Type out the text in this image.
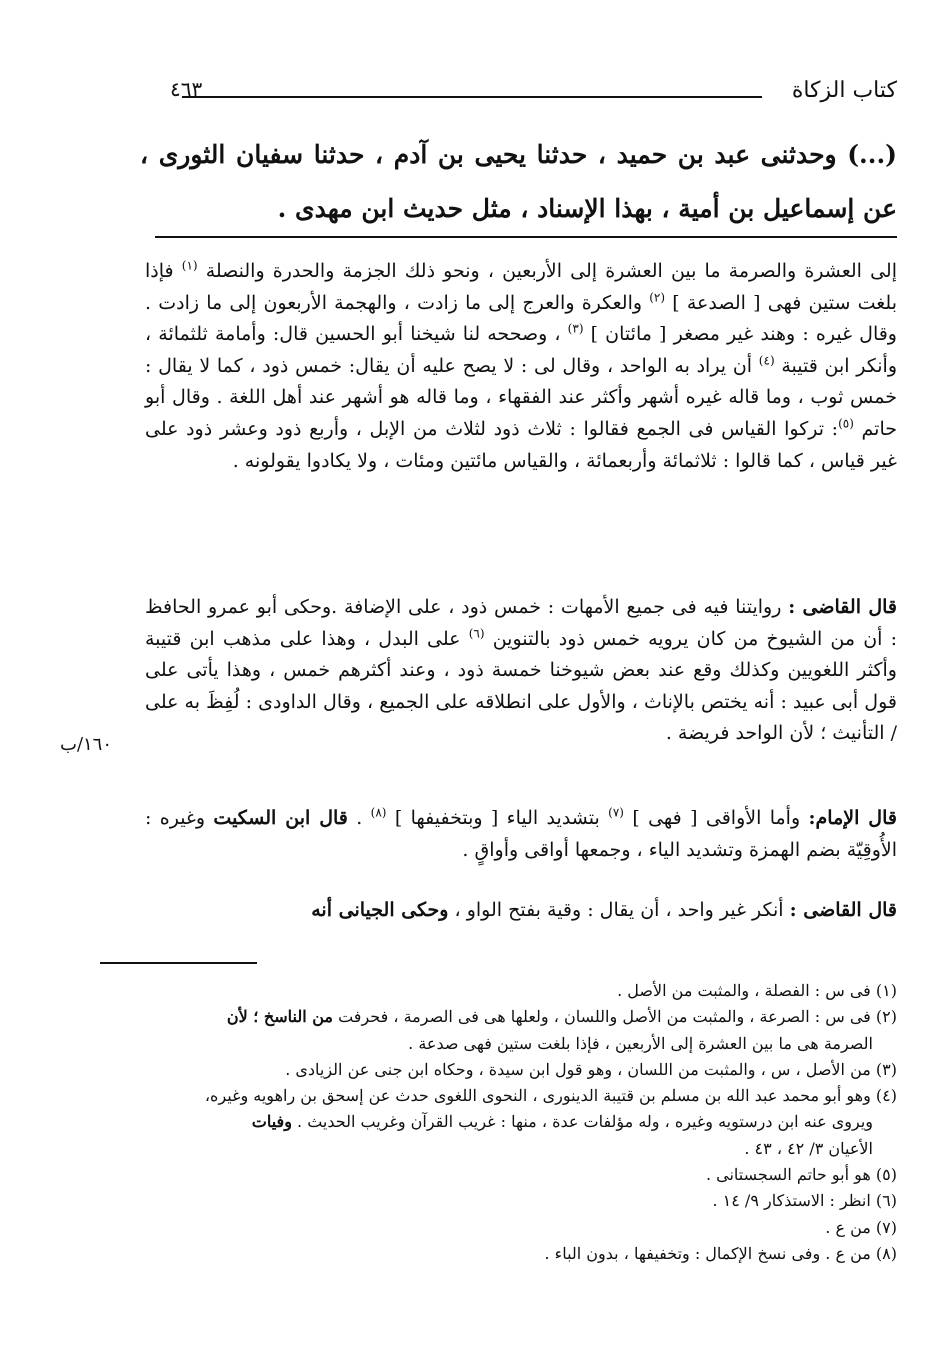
كتاب الزكاة
٤٦٣
(...) وحدثنى عبد بن حميد ، حدثنا يحيى بن آدم ، حدثنا سفيان الثورى ، عن إسماعيل بن أمية ، بهذا الإسناد ، مثل حديث ابن مهدى .
إلى العشرة والصرمة ما بين العشرة إلى الأربعين ، ونحو ذلك الجزمة والحدرة والنصلة $^{(١)}$ فإذا بلغت ستين فهى [ الصدعة ] $^{(٢)}$ والعكرة والعرج إلى ما زادت ، والهجمة الأربعون إلى ما زادت . وقال غيره : وهند غير مصغر [ مائتان ] $^{(٣)}$ ، وصححه لنا شيخنا أبو الحسين قال: وأمامة ثلثمائة ، وأنكر ابن قتيبة $^{(٤)}$ أن يراد به الواحد ، وقال لى : لا يصح عليه أن يقال: خمس ذود ، كما لا يقال : خمس ثوب ، وما قاله غيره أشهر وأكثر عند الفقهاء ، وما قاله هو أشهر عند أهل اللغة . وقال أبو حاتم $^{(٥)}$: تركوا القياس فى الجمع فقالوا : ثلاث ذود لثلاث من الإبل ، وأربع ذود وعشر ذود على غير قياس ، كما قالوا : ثلاثمائة وأربعمائة ، والقياس مائتين ومئات ، ولا يكادوا يقولونه .
قال القاضى : روايتنا فيه فى جميع الأمهات : خمس ذود ، على الإضافة .وحكى أبو عمرو الحافظ : أن من الشيوخ من كان يرويه خمس ذود بالتنوين $^{(٦)}$ على البدل ، وهذا على مذهب ابن قتيبة وأكثر اللغويين وكذلك وقع عند بعض شيوخنا خمسة ذود ، وعند أكثرهم خمس ، وهذا يأتى على قول أبى عبيد : أنه يختص بالإناث ، والأول على انطلاقه على الجميع ، وقال الداودى : لُفِظَ به على / التأنيث ؛ لأن الواحد فريضة .
١٦٠/ب
قال الإمام: وأما الأواقى [ فهى ] $^{(٧)}$ بتشديد الياء [ وبتخفيفها ] $^{(٨)}$ . قال ابن السكيت وغيره : الأُوقِيّة بضم الهمزة وتشديد الياء ، وجمعها أواقى وأواقٍ .
قال القاضى : أنكر غير واحد ، أن يقال : وقية بفتح الواو ، وحكى الجيانى أنه

(١) فى س : الفصلة ، والمثبت من الأصل .

(٢) فى س : الصرعة ، والمثبت من الأصل واللسان ، ولعلها هى فى الصرمة ، فحرفت من الناسخ ؛ لأن

الصرمة هى ما بين العشرة إلى الأربعين ، فإذا بلغت ستين فهى صدعة .

(٣) من الأصل ، س ، والمثبت من اللسان ، وهو قول ابن سيدة ، وحكاه ابن جنى عن الزيادى .

(٤) وهو أبو محمد عبد الله بن مسلم بن قتيبة الدينورى ، النحوى اللغوى حدث عن إسحق بن راهويه وغيره،

ويروى عنه ابن درستويه وغيره ، وله مؤلفات عدة ، منها : غريب القرآن وغريب الحديث . وفيات

الأعيان ٣/ ٤٢ ، ٤٣ .

(٥) هو أبو حاتم السجستانى .

(٦) انظر : الاستذكار ٩/ ١٤ .

(٧) من ع .

(٨) من ع . وفى نسخ الإكمال : وتخفيفها ، بدون الباء .
